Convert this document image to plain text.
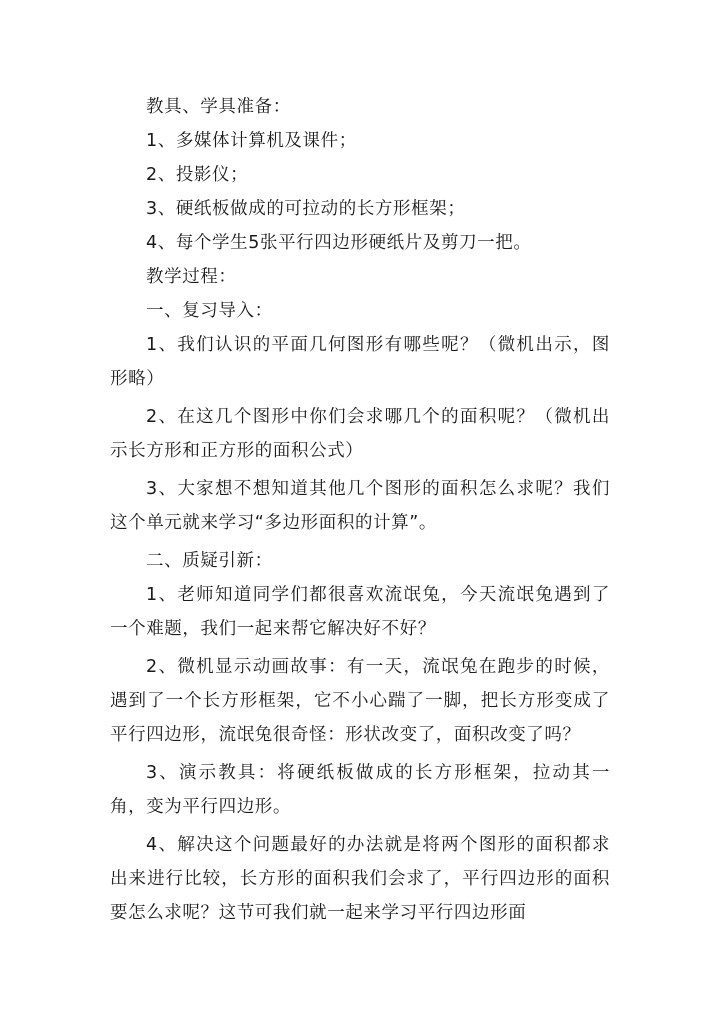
教具、学具准备：

1、多媒体计算机及课件；

2、投影仪；

3、硬纸板做成的可拉动的长方形框架；

4、每个学生5张平行四边形硬纸片及剪刀一把。

教学过程：

一、复习导入：

1、我们认识的平面几何图形有哪些呢？（微机出示，图形略）

2、在这几个图形中你们会求哪几个的面积呢？（微机出示长方形和正方形的面积公式）

3、大家想不想知道其他几个图形的面积怎么求呢？我们这个单元就来学习“多边形面积的计算”。

二、质疑引新：

1、老师知道同学们都很喜欢流氓兔，今天流氓兔遇到了一个难题，我们一起来帮它解决好不好？

2、微机显示动画故事：有一天，流氓兔在跑步的时候，遇到了一个长方形框架，它不小心踹了一脚，把长方形变成了平行四边形，流氓兔很奇怪：形状改变了，面积改变了吗？

3、演示教具：将硬纸板做成的长方形框架，拉动其一角，变为平行四边形。

4、解决这个问题最好的办法就是将两个图形的面积都求出来进行比较，长方形的面积我们会求了，平行四边形的面积要怎么求呢？这节可我们就一起来学习平行四边形面
